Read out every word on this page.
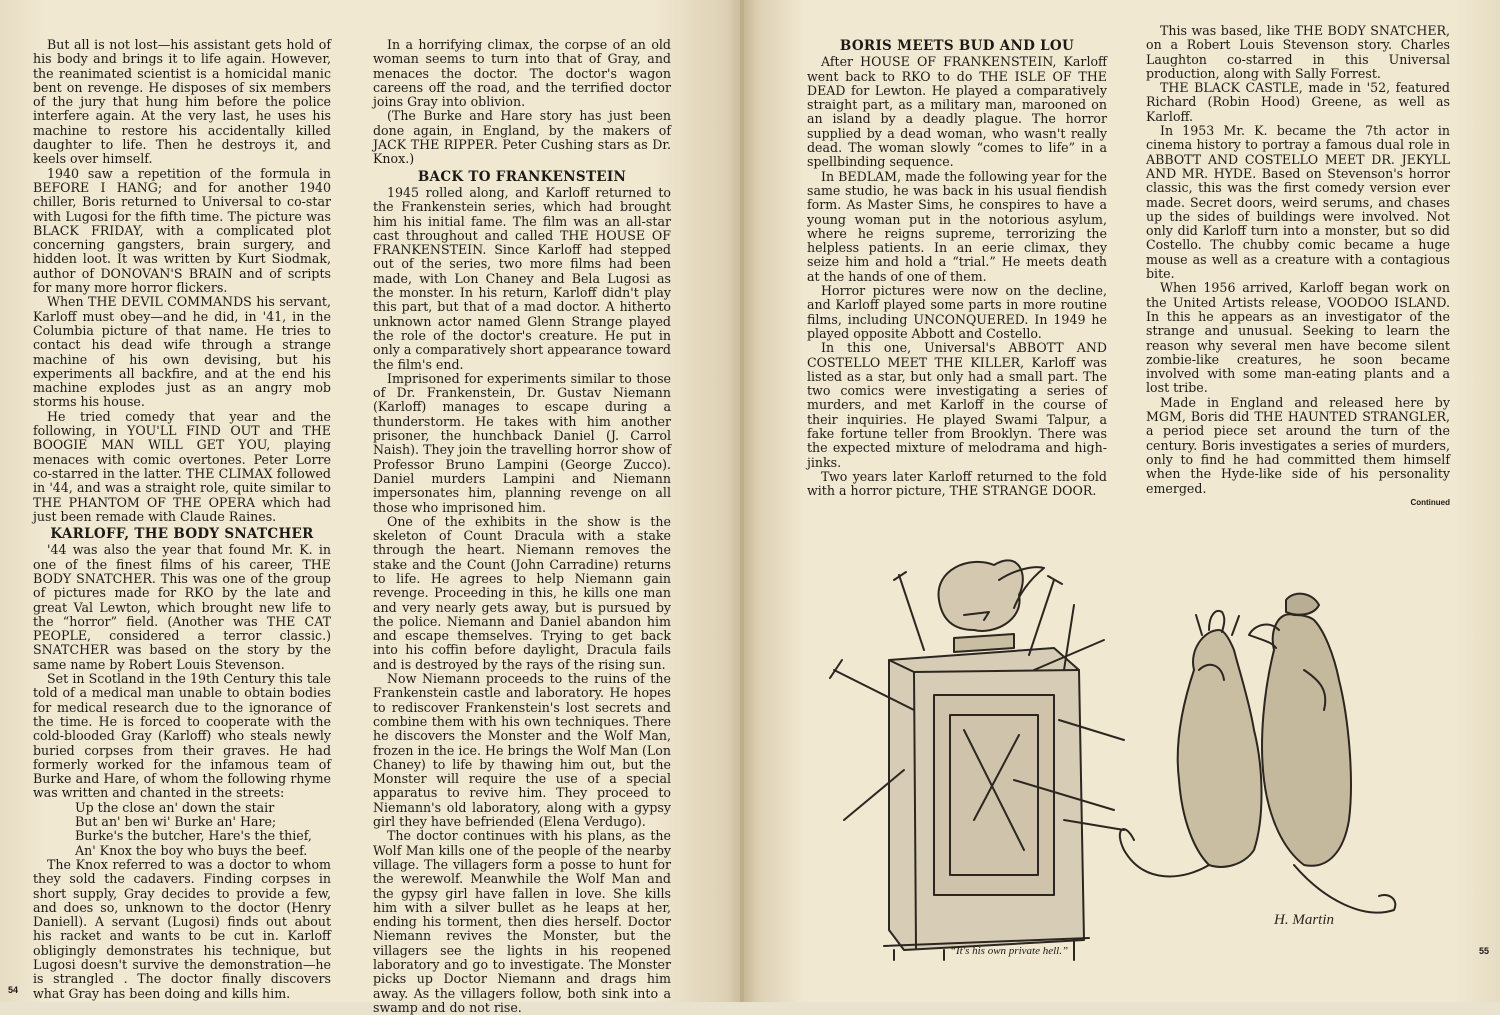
But all is not lost—his assistant gets hold of his body and brings it to life again. However, the reanimated scientist is a homicidal manic bent on revenge. He disposes of six members of the jury that hung him before the police interfere again. At the very last, he uses his machine to restore his accidentally killed daughter to life. Then he destroys it, and keels over himself.

1940 saw a repetition of the formula in BEFORE I HANG; and for another 1940 chiller, Boris returned to Universal to co-star with Lugosi for the fifth time. The picture was BLACK FRIDAY, with a complicated plot concerning gangsters, brain surgery, and hidden loot. It was written by Kurt Siodmak, author of DONOVAN'S BRAIN and of scripts for many more horror flickers.

When THE DEVIL COMMANDS his servant, Karloff must obey—and he did, in '41, in the Columbia picture of that name. He tries to contact his dead wife through a strange machine of his own devising, but his experiments all backfire, and at the end his machine explodes just as an angry mob storms his house.

He tried comedy that year and the following, in YOU'LL FIND OUT and THE BOOGIE MAN WILL GET YOU, playing menaces with comic overtones. Peter Lorre co-starred in the latter. THE CLIMAX followed in '44, and was a straight role, quite similar to THE PHANTOM OF THE OPERA which had just been remade with Claude Raines.

KARLOFF, THE BODY SNATCHER

'44 was also the year that found Mr. K. in one of the finest films of his career, THE BODY SNATCHER. This was one of the group of pictures made for RKO by the late and great Val Lewton, which brought new life to the “horror” field. (Another was THE CAT PEOPLE, considered a terror classic.) SNATCHER was based on the story by the same name by Robert Louis Stevenson.

Set in Scotland in the 19th Century this tale told of a medical man unable to obtain bodies for medical research due to the ignorance of the time. He is forced to cooperate with the cold-blooded Gray (Karloff) who steals newly buried corpses from their graves. He had formerly worked for the infamous team of Burke and Hare, of whom the following rhyme was written and chanted in the streets:

Up the close an' down the stair

But an' ben wi' Burke an' Hare;

Burke's the butcher, Hare's the thief,

An' Knox the boy who buys the beef.

The Knox referred to was a doctor to whom they sold the cadavers. Finding corpses in short supply, Gray decides to provide a few, and does so, unknown to the doctor (Henry Daniell). A servant (Lugosi) finds out about his racket and wants to be cut in. Karloff obligingly demonstrates his technique, but Lugosi doesn't survive the demonstration—he is strangled . The doctor finally discovers what Gray has been doing and kills him.

In a horrifying climax, the corpse of an old woman seems to turn into that of Gray, and menaces the doctor. The doctor's wagon careens off the road, and the terrified doctor joins Gray into oblivion.

(The Burke and Hare story has just been done again, in England, by the makers of JACK THE RIPPER. Peter Cushing stars as Dr. Knox.)

BACK TO FRANKENSTEIN

1945 rolled along, and Karloff returned to the Frankenstein series, which had brought him his initial fame. The film was an all-star cast throughout and called THE HOUSE OF FRANKENSTEIN. Since Karloff had stepped out of the series, two more films had been made, with Lon Chaney and Bela Lugosi as the monster. In his return, Karloff didn't play this part, but that of a mad doctor. A hitherto unknown actor named Glenn Strange played the role of the doctor's creature. He put in only a comparatively short appearance toward the film's end.

Imprisoned for experiments similar to those of Dr. Frankenstein, Dr. Gustav Niemann (Karloff) manages to escape during a thunderstorm. He takes with him another prisoner, the hunchback Daniel (J. Carrol Naish). They join the travelling horror show of Professor Bruno Lampini (George Zucco). Daniel murders Lampini and Niemann impersonates him, planning revenge on all those who imprisoned him.

One of the exhibits in the show is the skeleton of Count Dracula with a stake through the heart. Niemann removes the stake and the Count (John Carradine) returns to life. He agrees to help Niemann gain revenge. Proceeding in this, he kills one man and very nearly gets away, but is pursued by the police. Niemann and Daniel abandon him and escape themselves. Trying to get back into his coffin before daylight, Dracula fails and is destroyed by the rays of the rising sun.

Now Niemann proceeds to the ruins of the Frankenstein castle and laboratory. He hopes to rediscover Frankenstein's lost secrets and combine them with his own techniques. There he discovers the Monster and the Wolf Man, frozen in the ice. He brings the Wolf Man (Lon Chaney) to life by thawing him out, but the Monster will require the use of a special apparatus to revive him. They proceed to Niemann's old laboratory, along with a gypsy girl they have befriended (Elena Verdugo).

The doctor continues with his plans, as the Wolf Man kills one of the people of the nearby village. The villagers form a posse to hunt for the werewolf. Meanwhile the Wolf Man and the gypsy girl have fallen in love. She kills him with a silver bullet as he leaps at her, ending his torment, then dies herself. Doctor Niemann revives the Monster, but the villagers see the lights in his reopened laboratory and go to investigate. The Monster picks up Doctor Niemann and drags him away. As the villagers follow, both sink into a swamp and do not rise.

54
BORIS MEETS BUD AND LOU

After HOUSE OF FRANKENSTEIN, Karloff went back to RKO to do THE ISLE OF THE DEAD for Lewton. He played a comparatively straight part, as a military man, marooned on an island by a deadly plague. The horror supplied by a dead woman, who wasn't really dead. The woman slowly “comes to life” in a spellbinding sequence.

In BEDLAM, made the following year for the same studio, he was back in his usual fiendish form. As Master Sims, he conspires to have a young woman put in the notorious asylum, where he reigns supreme, terrorizing the helpless patients. In an eerie climax, they seize him and hold a “trial.” He meets death at the hands of one of them.

Horror pictures were now on the decline, and Karloff played some parts in more routine films, including UNCONQUERED. In 1949 he played opposite Abbott and Costello.

In this one, Universal's ABBOTT AND COSTELLO MEET THE KILLER, Karloff was listed as a star, but only had a small part. The two comics were investigating a series of murders, and met Karloff in the course of their inquiries. He played Swami Talpur, a fake fortune teller from Brooklyn. There was the expected mixture of melodrama and high-jinks.

Two years later Karloff returned to the fold with a horror picture, THE STRANGE DOOR.

This was based, like THE BODY SNATCHER, on a Robert Louis Stevenson story. Charles Laughton co-starred in this Universal production, along with Sally Forrest.

THE BLACK CASTLE, made in '52, featured Richard (Robin Hood) Greene, as well as Karloff.

In 1953 Mr. K. became the 7th actor in cinema history to portray a famous dual role in ABBOTT AND COSTELLO MEET DR. JEKYLL AND MR. HYDE. Based on Stevenson's horror classic, this was the first comedy version ever made. Secret doors, weird serums, and chases up the sides of buildings were involved. Not only did Karloff turn into a monster, but so did Costello. The chubby comic became a huge mouse as well as a creature with a contagious bite.

When 1956 arrived, Karloff began work on the United Artists release, VOODOO ISLAND. In this he appears as an investigator of the strange and unusual. Seeking to learn the reason why several men have become silent zombie-like creatures, he soon became involved with some man-eating plants and a lost tribe.

Made in England and released here by MGM, Boris did THE HAUNTED STRANGLER, a period piece set around the turn of the century. Boris investigates a series of murders, only to find he had committed them himself when the Hyde-like side of his personality emerged.

Continued
H. Martin
“It's his own private hell.”	55
